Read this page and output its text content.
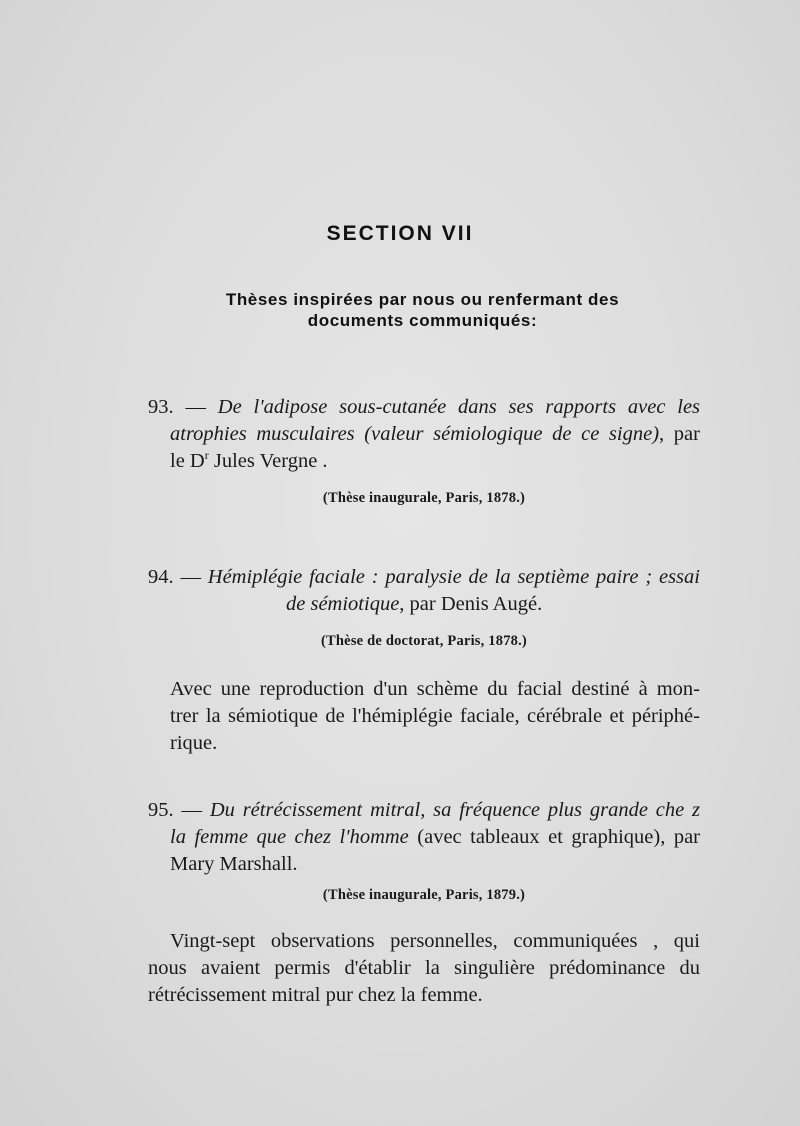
SECTION VII
Thèses inspirées par nous ou renfermant des
documents communiqués:
93. — De l'adipose sous-cutanée dans ses rapports avec les
atrophies musculaires (valeur sémiologique de ce signe), par
le $D^r$ Jules Vergne .
(Thèse inaugurale, Paris, 1878.)
94. — Hémiplégie faciale : paralysie de la septième paire ; essai
de sémiotique, par Denis Augé.
(Thèse de doctorat, Paris, 1878.)
Avec une reproduction d'un schème du facial destiné à mon-
trer la sémiotique de l'hémiplégie faciale, cérébrale et périphé-
rique.
95. — Du rétrécissement mitral, sa fréquence plus grande che z
la femme que chez l'homme (avec tableaux et graphique), par
Mary Marshall.
(Thèse inaugurale, Paris, 1879.)
Vingt-sept observations personnelles, communiquées , qui
nous avaient permis d'établir la singulière prédominance du
rétrécissement mitral pur chez la femme.
